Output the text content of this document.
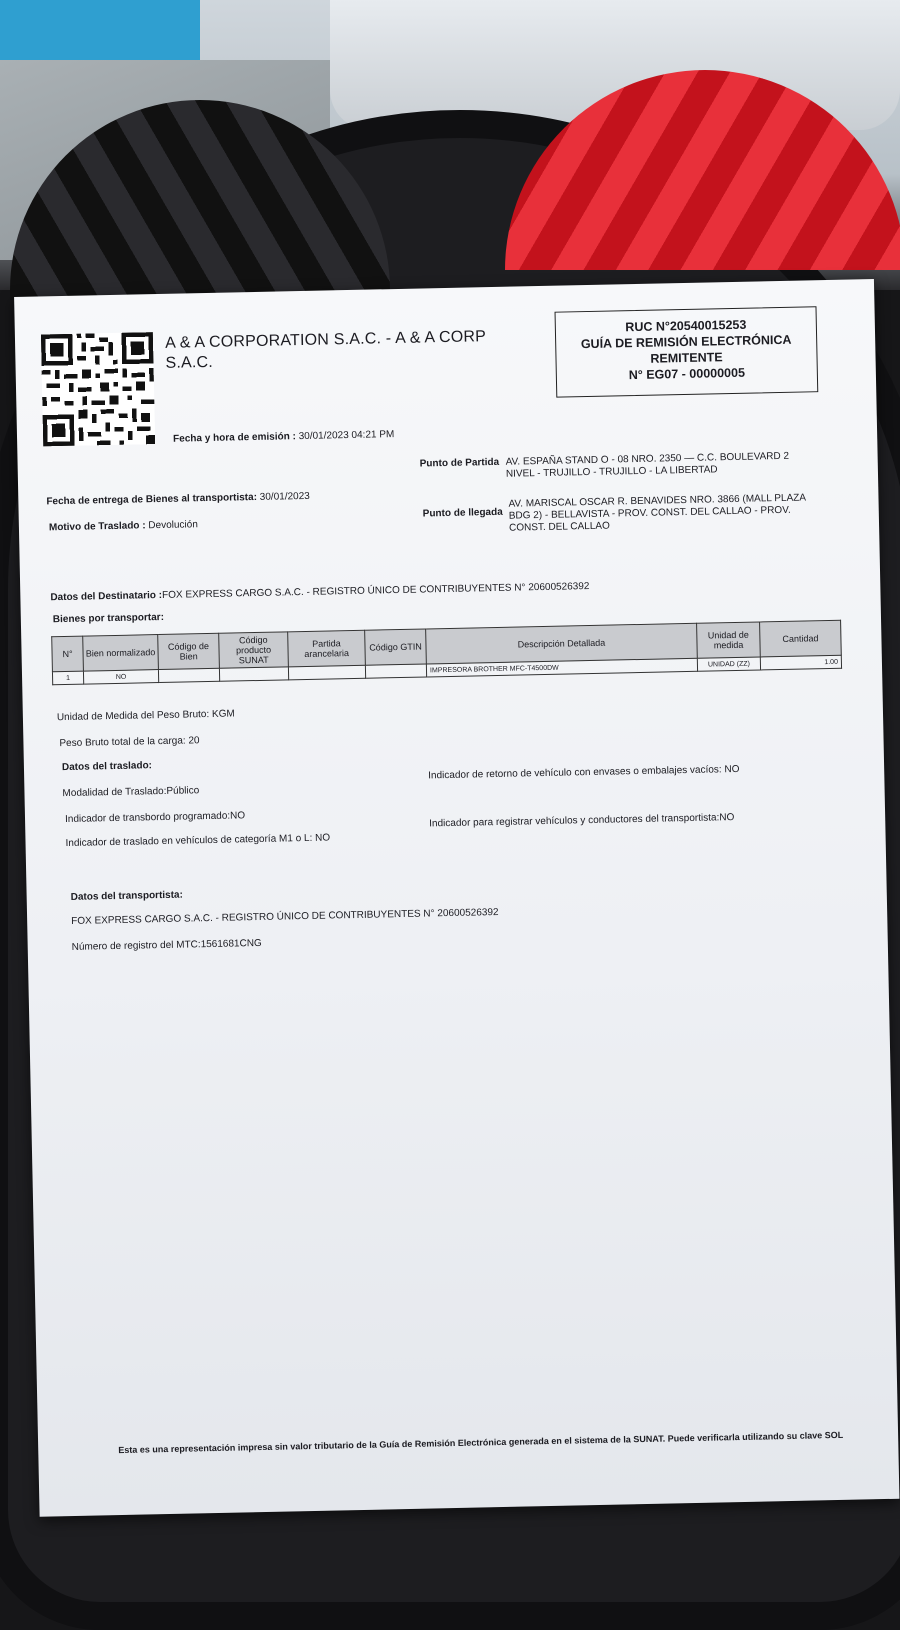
A & A CORPORATION S.A.C. - A & A CORP S.A.C.
RUC N°20540015253
GUÍA DE REMISIÓN ELECTRÓNICA
REMITENTE
N° EG07 - 00000005
Fecha y hora de emisión : 30/01/2023 04:21 PM
Punto de Partida AV. ESPAÑA STAND O - 08 NRO. 2350 — C.C. BOULEVARD 2 NIVEL - TRUJILLO - TRUJILLO - LA LIBERTAD
Fecha de entrega de Bienes al transportista: 30/01/2023
Motivo de Traslado : Devolución
Punto de llegada
AV. MARISCAL OSCAR R. BENAVIDES NRO. 3866 (MALL PLAZA BDG 2) - BELLAVISTA - PROV. CONST. DEL CALLAO - PROV. CONST. DEL CALLAO
Datos del Destinatario :FOX EXPRESS CARGO S.A.C. - REGISTRO ÚNICO DE CONTRIBUYENTES N° 20600526392
Bienes por transportar:
N°	Bien normalizado	Código de Bien	Código producto SUNAT	Partida arancelaria	Código GTIN	Descripción Detallada	Unidad de medida	Cantidad
1	NO					IMPRESORA BROTHER MFC-T4500DW	UNIDAD (ZZ)	1.00
Unidad de Medida del Peso Bruto: KGM
Peso Bruto total de la carga: 20
Datos del traslado:
Modalidad de Traslado:Público
Indicador de transbordo programado:NO
Indicador de traslado en vehículos de categoría M1 o L: NO
Indicador de retorno de vehículo con envases o embalajes vacíos: NO
Indicador para registrar vehículos y conductores del transportista:NO
Datos del transportista:
FOX EXPRESS CARGO S.A.C. - REGISTRO ÚNICO DE CONTRIBUYENTES N° 20600526392
Número de registro del MTC:1561681CNG
Esta es una representación impresa sin valor tributario de la Guía de Remisión Electrónica generada en el sistema de la SUNAT. Puede verificarla utilizando su clave SOL
